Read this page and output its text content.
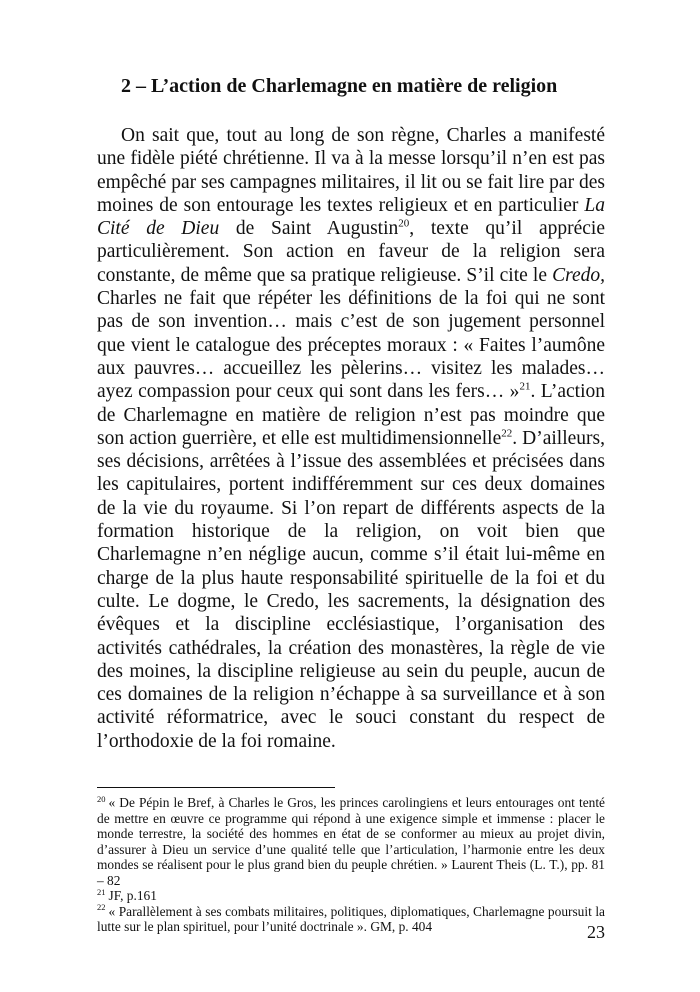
2 – L’action de Charlemagne en matière de religion

On sait que, tout au long de son règne, Charles a manifesté une fidèle piété chrétienne. Il va à la messe lorsqu’il n’en est pas empêché par ses campagnes militaires, il lit ou se fait lire par des moines de son entourage les textes religieux et en particulier La Cité de Dieu de Saint Augustin$^{20}$, texte qu’il apprécie particulièrement. Son action en faveur de la religion sera constante, de même que sa pratique religieuse. S’il cite le Credo, Charles ne fait que répéter les définitions de la foi qui ne sont pas de son invention… mais c’est de son jugement personnel que vient le catalogue des préceptes moraux : « Faites l’aumône aux pauvres… accueillez les pèlerins… visitez les malades… ayez compassion pour ceux qui sont dans les fers… »$^{21}$. L’action de Charlemagne en matière de religion n’est pas moindre que son action guerrière, et elle est multidimensionnelle$^{22}$. D’ailleurs, ses décisions, arrêtées à l’issue des assemblées et précisées dans les capitulaires, portent indifféremment sur ces deux domaines de la vie du royaume. Si l’on repart de différents aspects de la formation historique de la religion, on voit bien que Charlemagne n’en néglige aucun, comme s’il était lui-même en charge de la plus haute responsabilité spirituelle de la foi et du culte. Le dogme, le Credo, les sacrements, la désignation des évêques et la discipline ecclésiastique, l’organisation des activités cathédrales, la création des monastères, la règle de vie des moines, la discipline religieuse au sein du peuple, aucun de ces domaines de la religion n’échappe à sa surveillance et à son activité réformatrice, avec le souci constant du respect de l’orthodoxie de la foi romaine.

$^{20}$ « De Pépin le Bref, à Charles le Gros, les princes carolingiens et leurs entourages ont tenté de mettre en œuvre ce programme qui répond à une exigence simple et immense : placer le monde terrestre, la société des hommes en état de se conformer au mieux au projet divin, d’assurer à Dieu un service d’une qualité telle que l’articulation, l’harmonie entre les deux mondes se réalisent pour le plus grand bien du peuple chrétien. » Laurent Theis (L. T.), pp. 81 – 82

$^{21}$ JF, p.161

$^{22}$ « Parallèlement à ses combats militaires, politiques, diplomatiques, Charlemagne poursuit la lutte sur le plan spirituel, pour l’unité doctrinale ». GM, p. 404	23
